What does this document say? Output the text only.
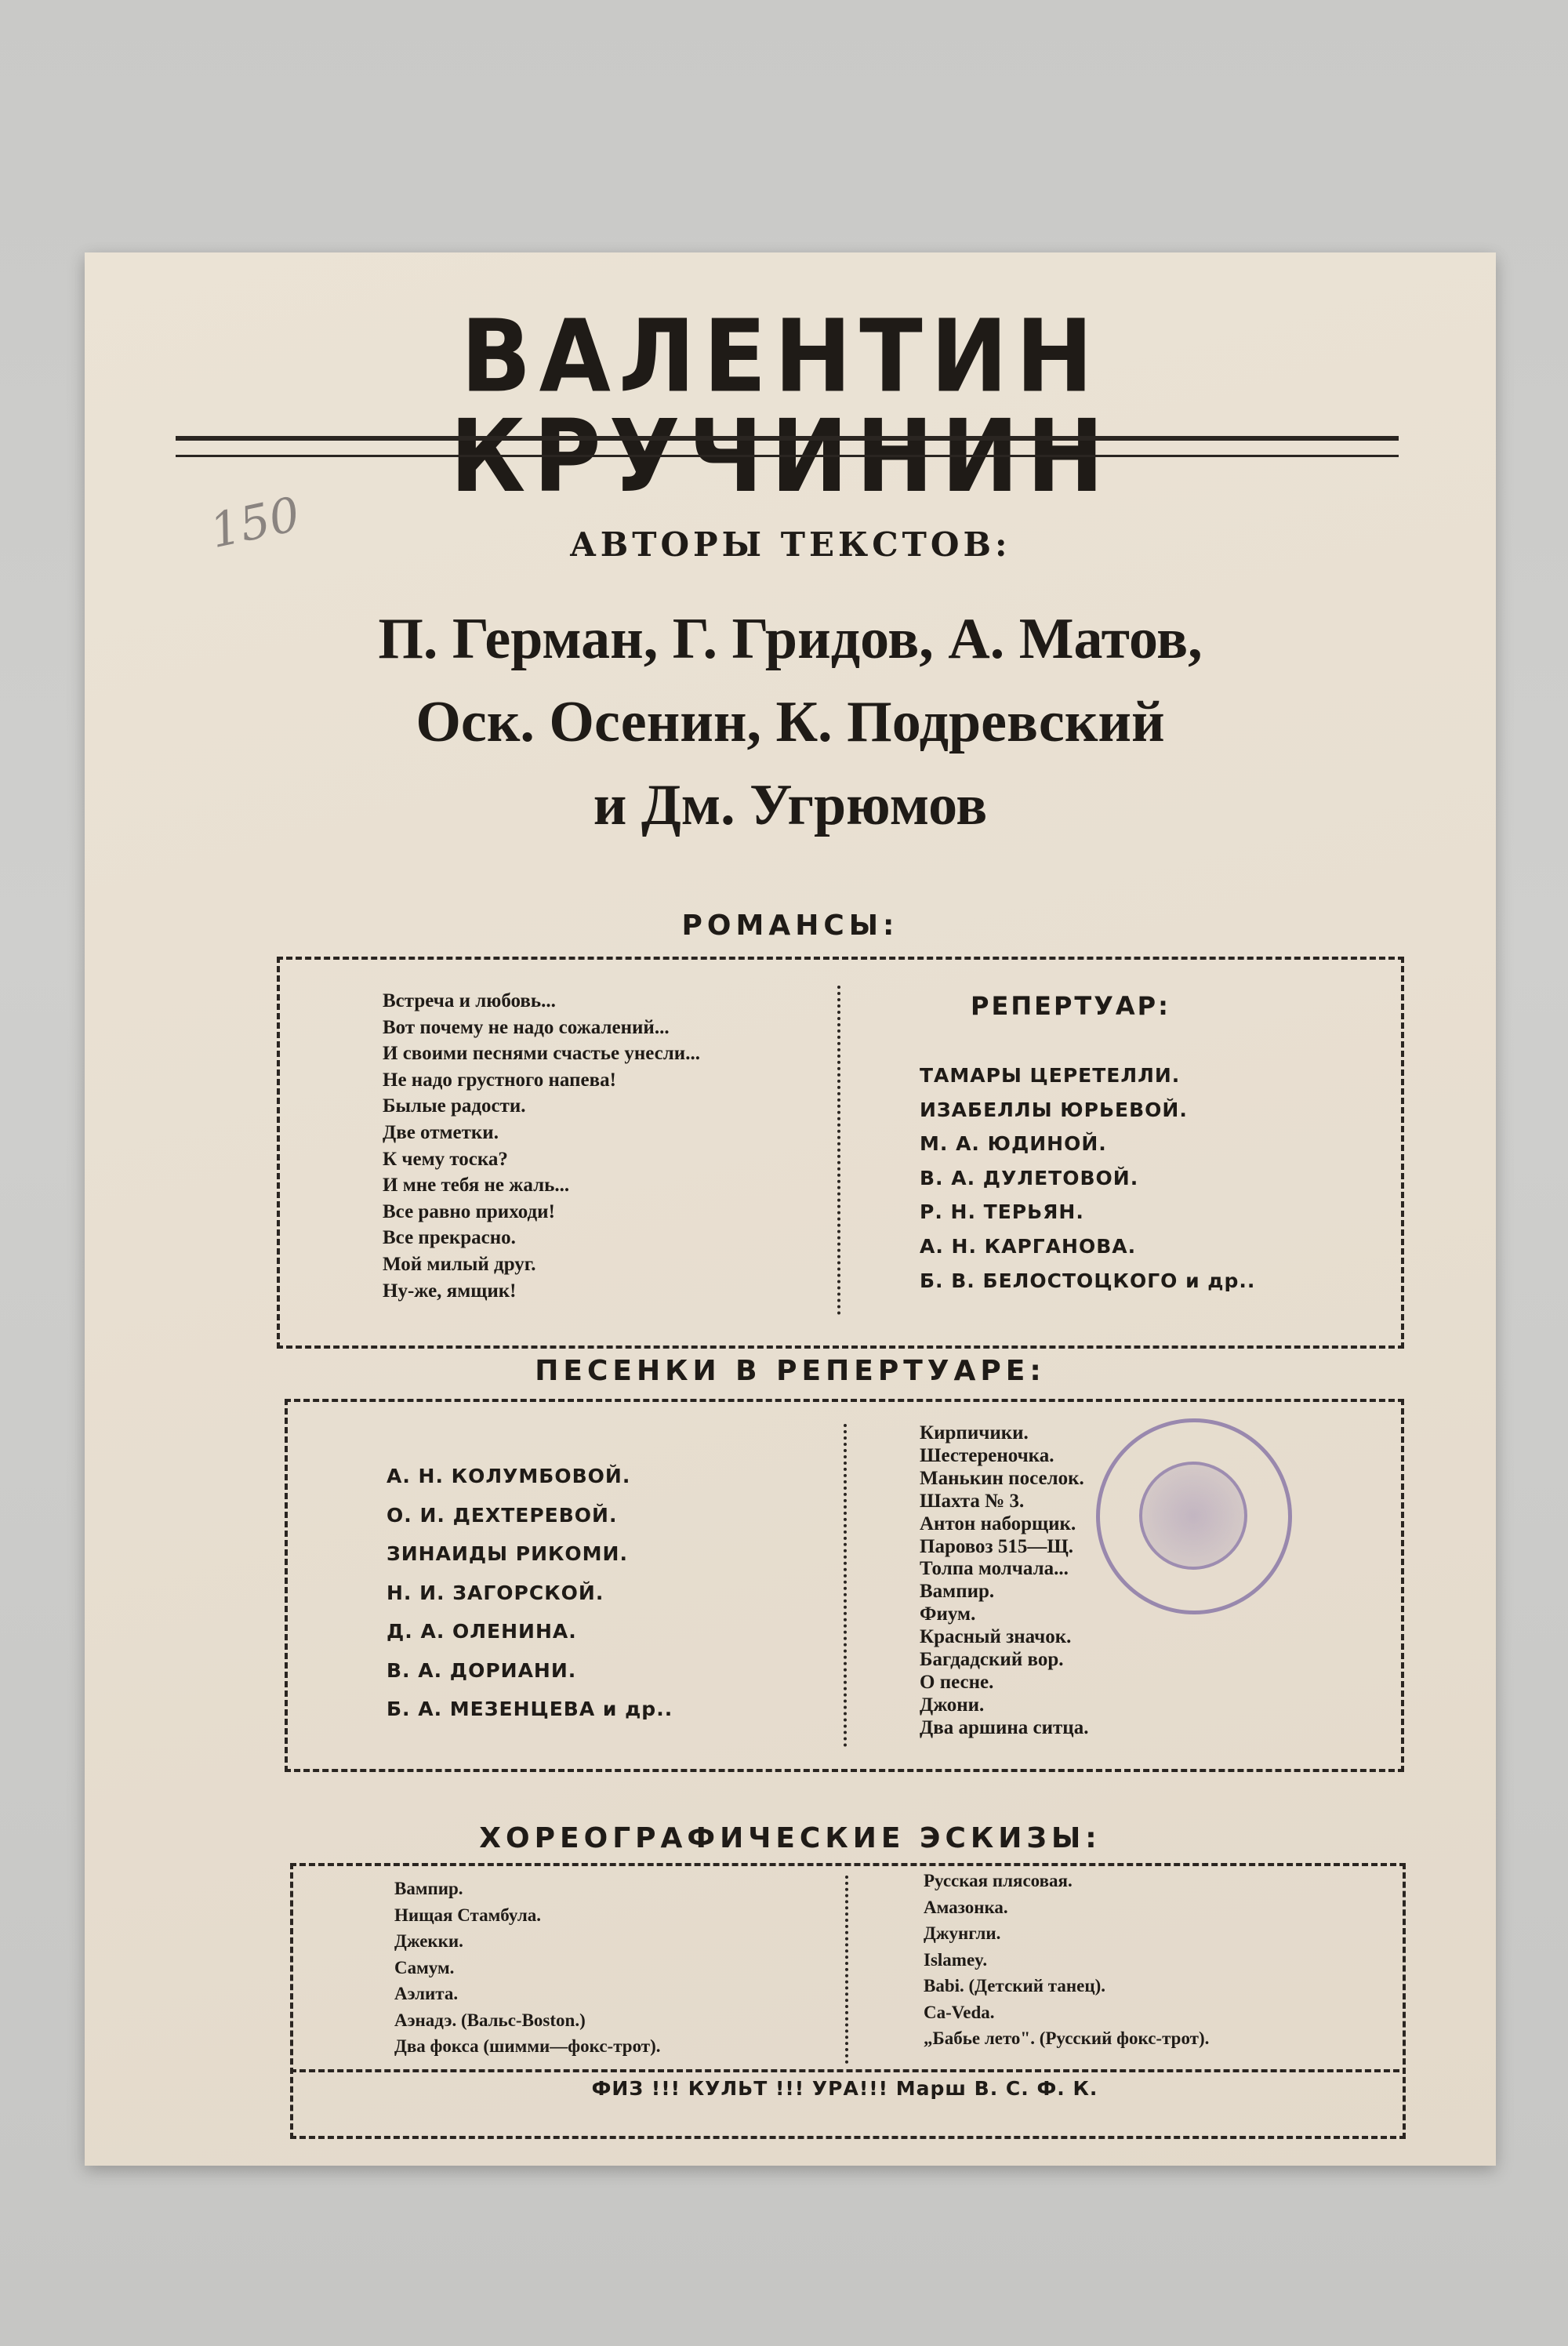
ВАЛЕНТИН КРУЧИНИН
150	АВТОРЫ ТЕКСТОВ:
П. Герман, Г. Гридов, А. Матов,
Оск. Осенин, К. Подревский
и Дм. Угрюмов
РОМАНСЫ:
Встреча и любовь...
Вот почему не надо сожалений...
И своими песнями счастье унесли...
Не надо грустного напева!
Былые радости.
Две отметки.
К чему тоска?
И мне тебя не жаль...
Все равно приходи!
Все прекрасно.
Мой милый друг.
Ну-же, ямщик!
РЕПЕРТУАР:
ТАМАРЫ ЦЕРЕТЕЛЛИ.
ИЗАБЕЛЛЫ ЮРЬЕВОЙ.
М. А. ЮДИНОЙ.
В. А. ДУЛЕТОВОЙ.
Р. Н. ТЕРЬЯН.
А. Н. КАРГАНОВА.
Б. В. БЕЛОСТОЦКОГО и др..
ПЕСЕНКИ В РЕПЕРТУАРЕ:
А. Н. КОЛУМБОВОЙ.
О. И. ДЕХТЕРЕВОЙ.
ЗИНАИДЫ РИКОМИ.
Н. И. ЗАГОРСКОЙ.
Д. А. ОЛЕНИНА.
В. А. ДОРИАНИ.
Б. А. МЕЗЕНЦЕВА и др..
Кирпичики.
Шестереночка.
Манькин поселок.
Шахта № 3.
Антон наборщик.
Паровоз 515—Щ.
Толпа молчала...
Вампир.
Фиум.
Красный значок.
Багдадский вор.
О песне.
Джони.
Два аршина ситца.
ХОРЕОГРАФИЧЕСКИЕ ЭСКИЗЫ:
Вампир.
Нищая Стамбула.
Джекки.
Самум.
Аэлита.
Аэнадэ. (Вальс-Boston.)
Два фокса (шимми—фокс-трот).
Русская плясовая.
Амазонка.
Джунгли.
Islamey.
Babi. (Детский танец).
Ca-Veda.
„Бабье лето". (Русский фокс-трот).
ФИЗ !!! КУЛЬТ !!! УРА!!! Марш В. С. Ф. К.
